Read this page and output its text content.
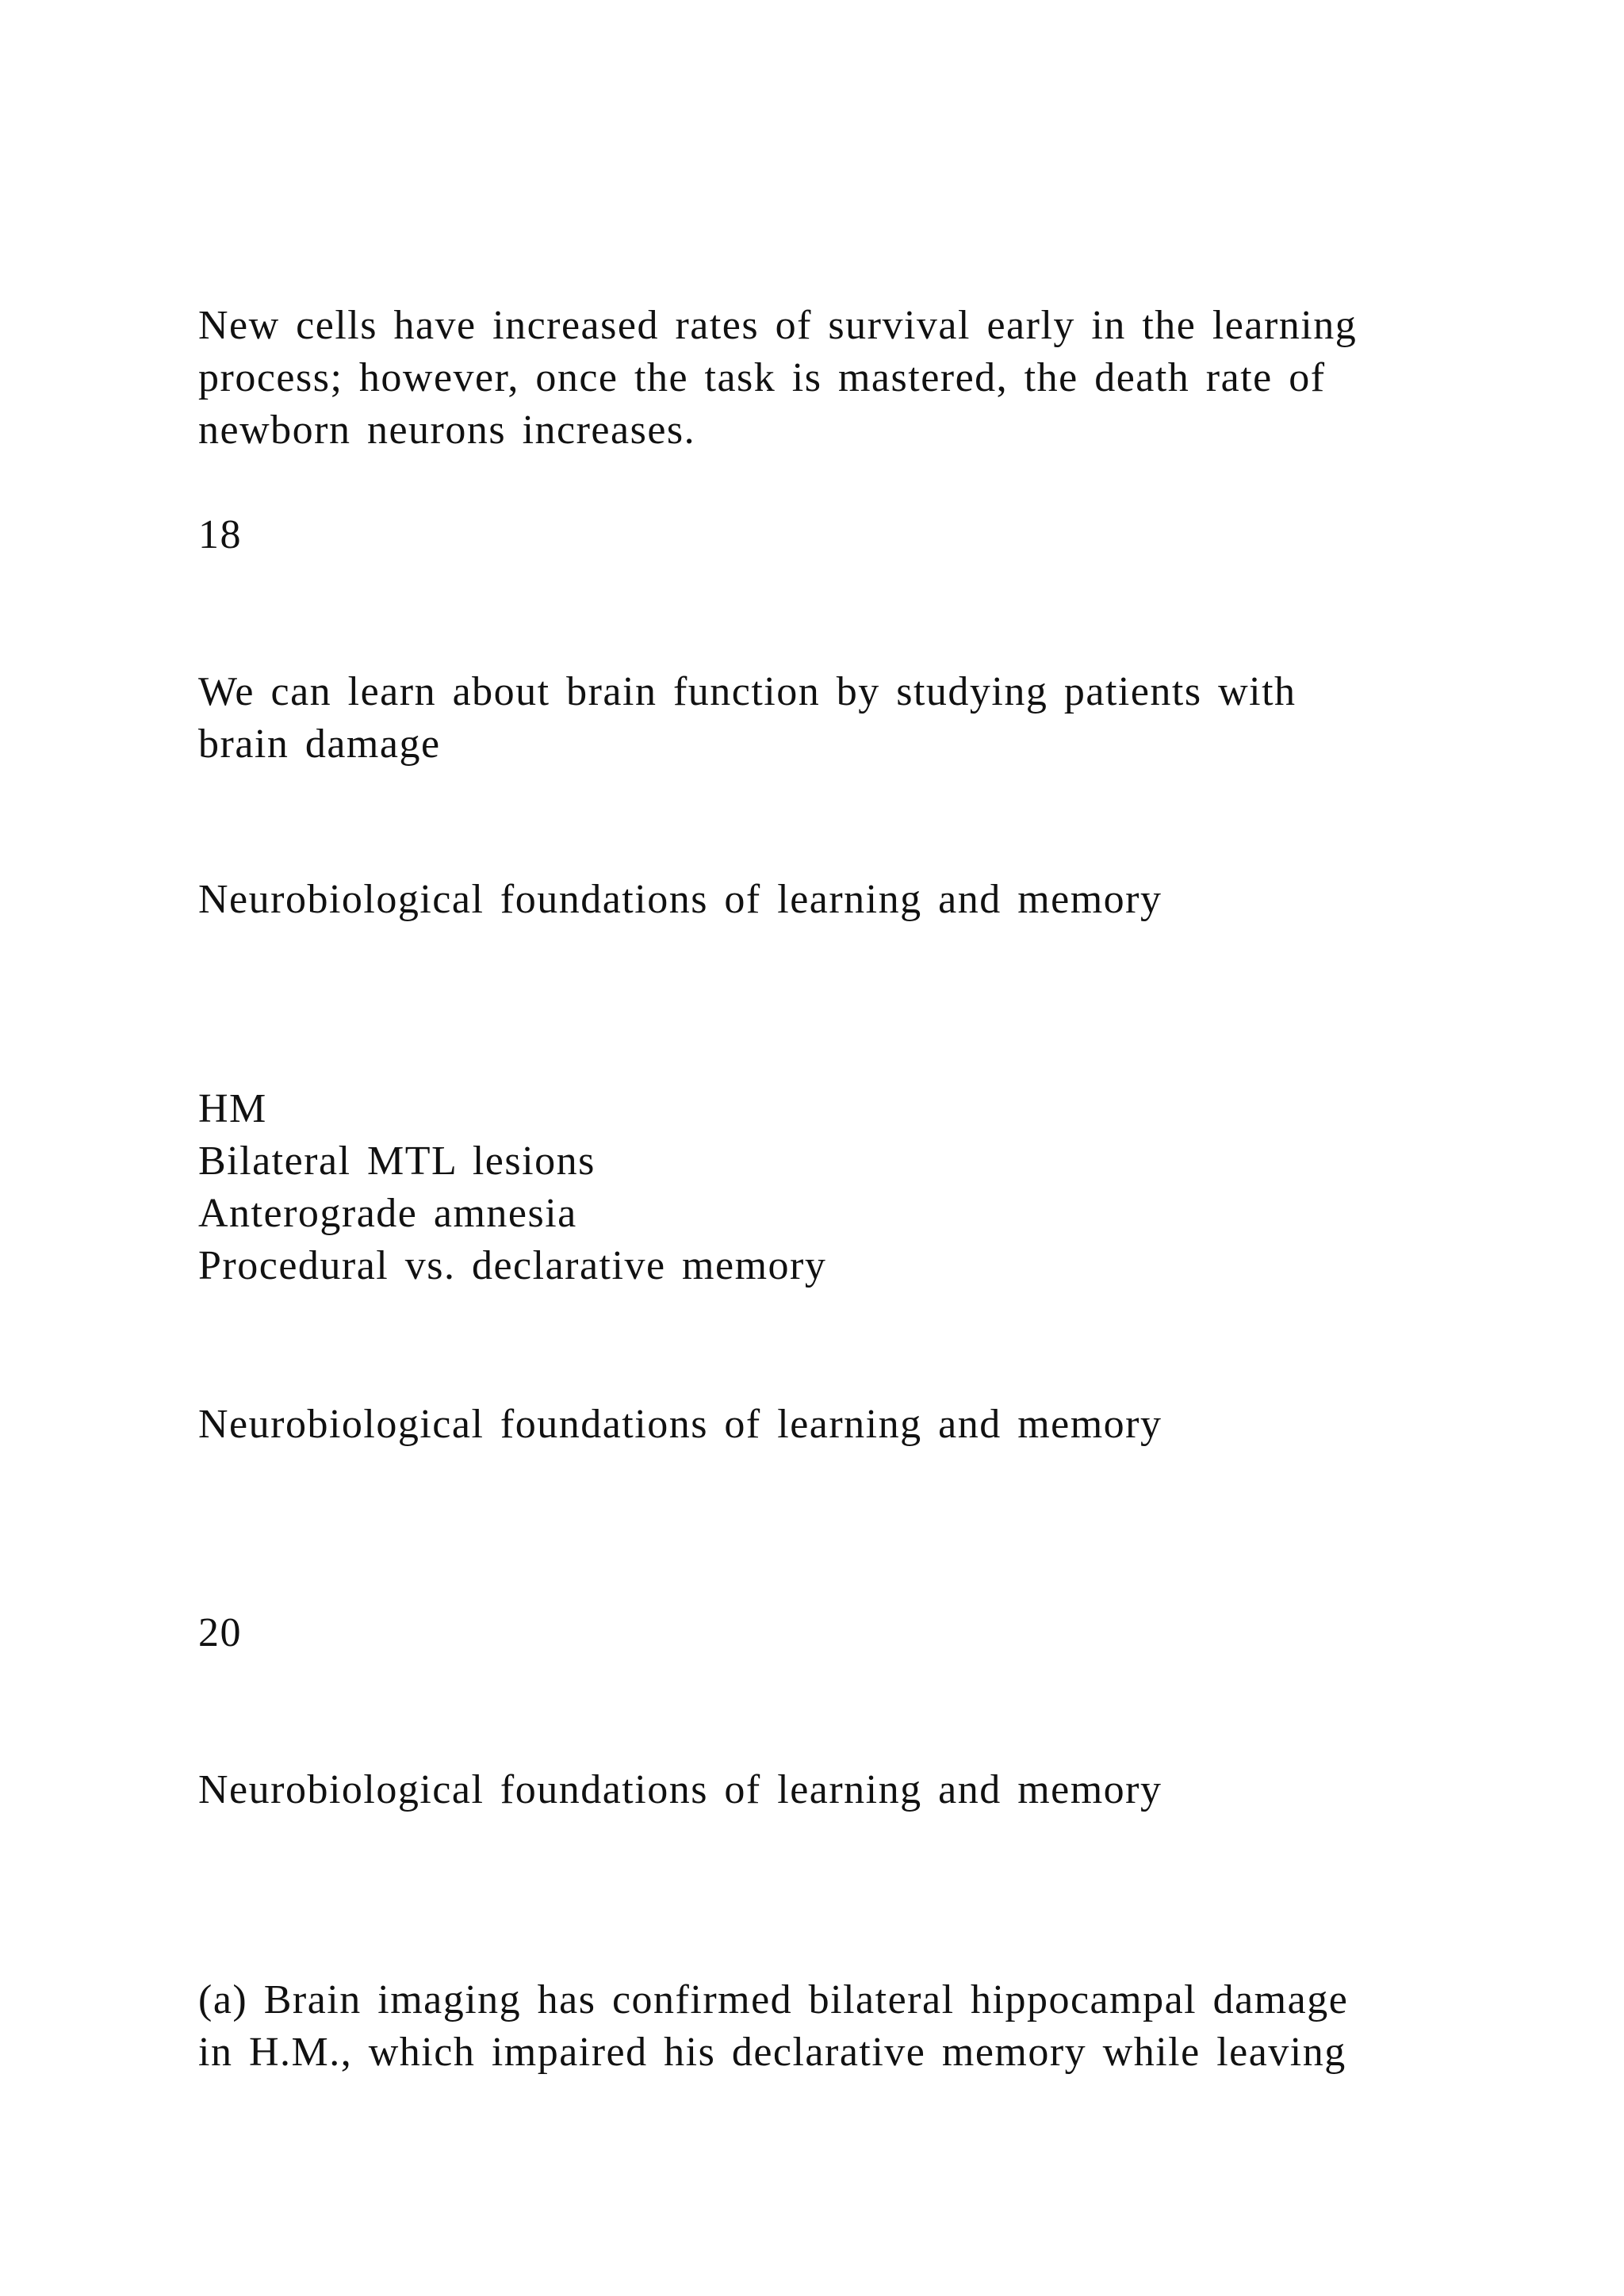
New cells have increased rates of survival early in the learning
process; however, once the task is mastered, the death rate of
newborn neurons increases.

18

We can learn about brain function by studying patients with
brain damage

Neurobiological foundations of learning and memory

HM
Bilateral MTL lesions
Anterograde amnesia
Procedural vs. declarative memory

Neurobiological foundations of learning and memory

20

Neurobiological foundations of learning and memory

(a) Brain imaging has confirmed bilateral hippocampal damage
in H.M., which impaired his declarative memory while leaving
